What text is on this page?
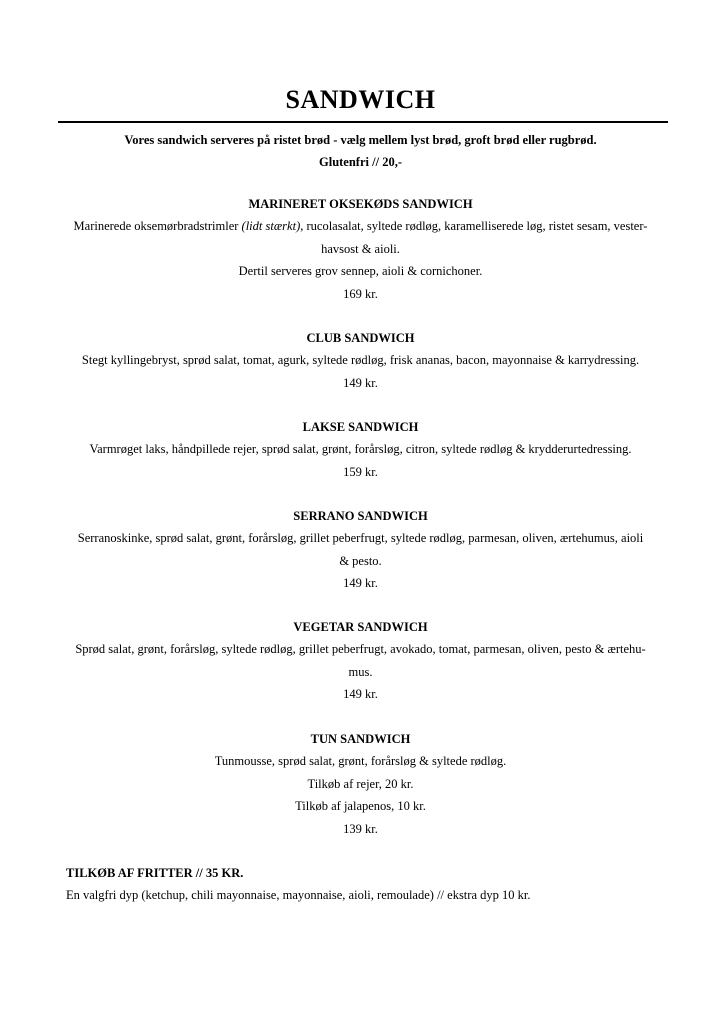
SANDWICH

Vores sandwich serveres på ristet brød - vælg mellem lyst brød, groft brød eller rugbrød.

Glutenfri // 20,-

MARINERET OKSEKØDS SANDWICH

Marinerede oksemørbradstrimler (lidt stærkt), rucolasalat, syltede rødløg, karamelliserede løg, ristet sesam, vester-

havsost & aioli.

Dertil serveres grov sennep, aioli & cornichoner.

169 kr.

CLUB SANDWICH

Stegt kyllingebryst, sprød salat, tomat, agurk, syltede rødløg, frisk ananas, bacon, mayonnaise & karrydressing.

149 kr.

LAKSE SANDWICH

Varmrøget laks, håndpillede rejer, sprød salat, grønt, forårsløg, citron, syltede rødløg & krydderurtedressing.

159 kr.

SERRANO SANDWICH

Serranoskinke, sprød salat, grønt, forårsløg, grillet peberfrugt, syltede rødløg, parmesan, oliven, ærtehumus, aioli

& pesto.

149 kr.

VEGETAR SANDWICH

Sprød salat, grønt, forårsløg, syltede rødløg, grillet peberfrugt, avokado, tomat, parmesan, oliven, pesto & ærtehu-

mus.

149 kr.

TUN SANDWICH

Tunmousse, sprød salat, grønt, forårsløg & syltede rødløg.

Tilkøb af rejer, 20 kr.

Tilkøb af jalapenos, 10 kr.

139 kr.

TILKØB AF FRITTER // 35 KR.

En valgfri dyp (ketchup, chili mayonnaise, mayonnaise, aioli, remoulade) // ekstra dyp 10 kr.
